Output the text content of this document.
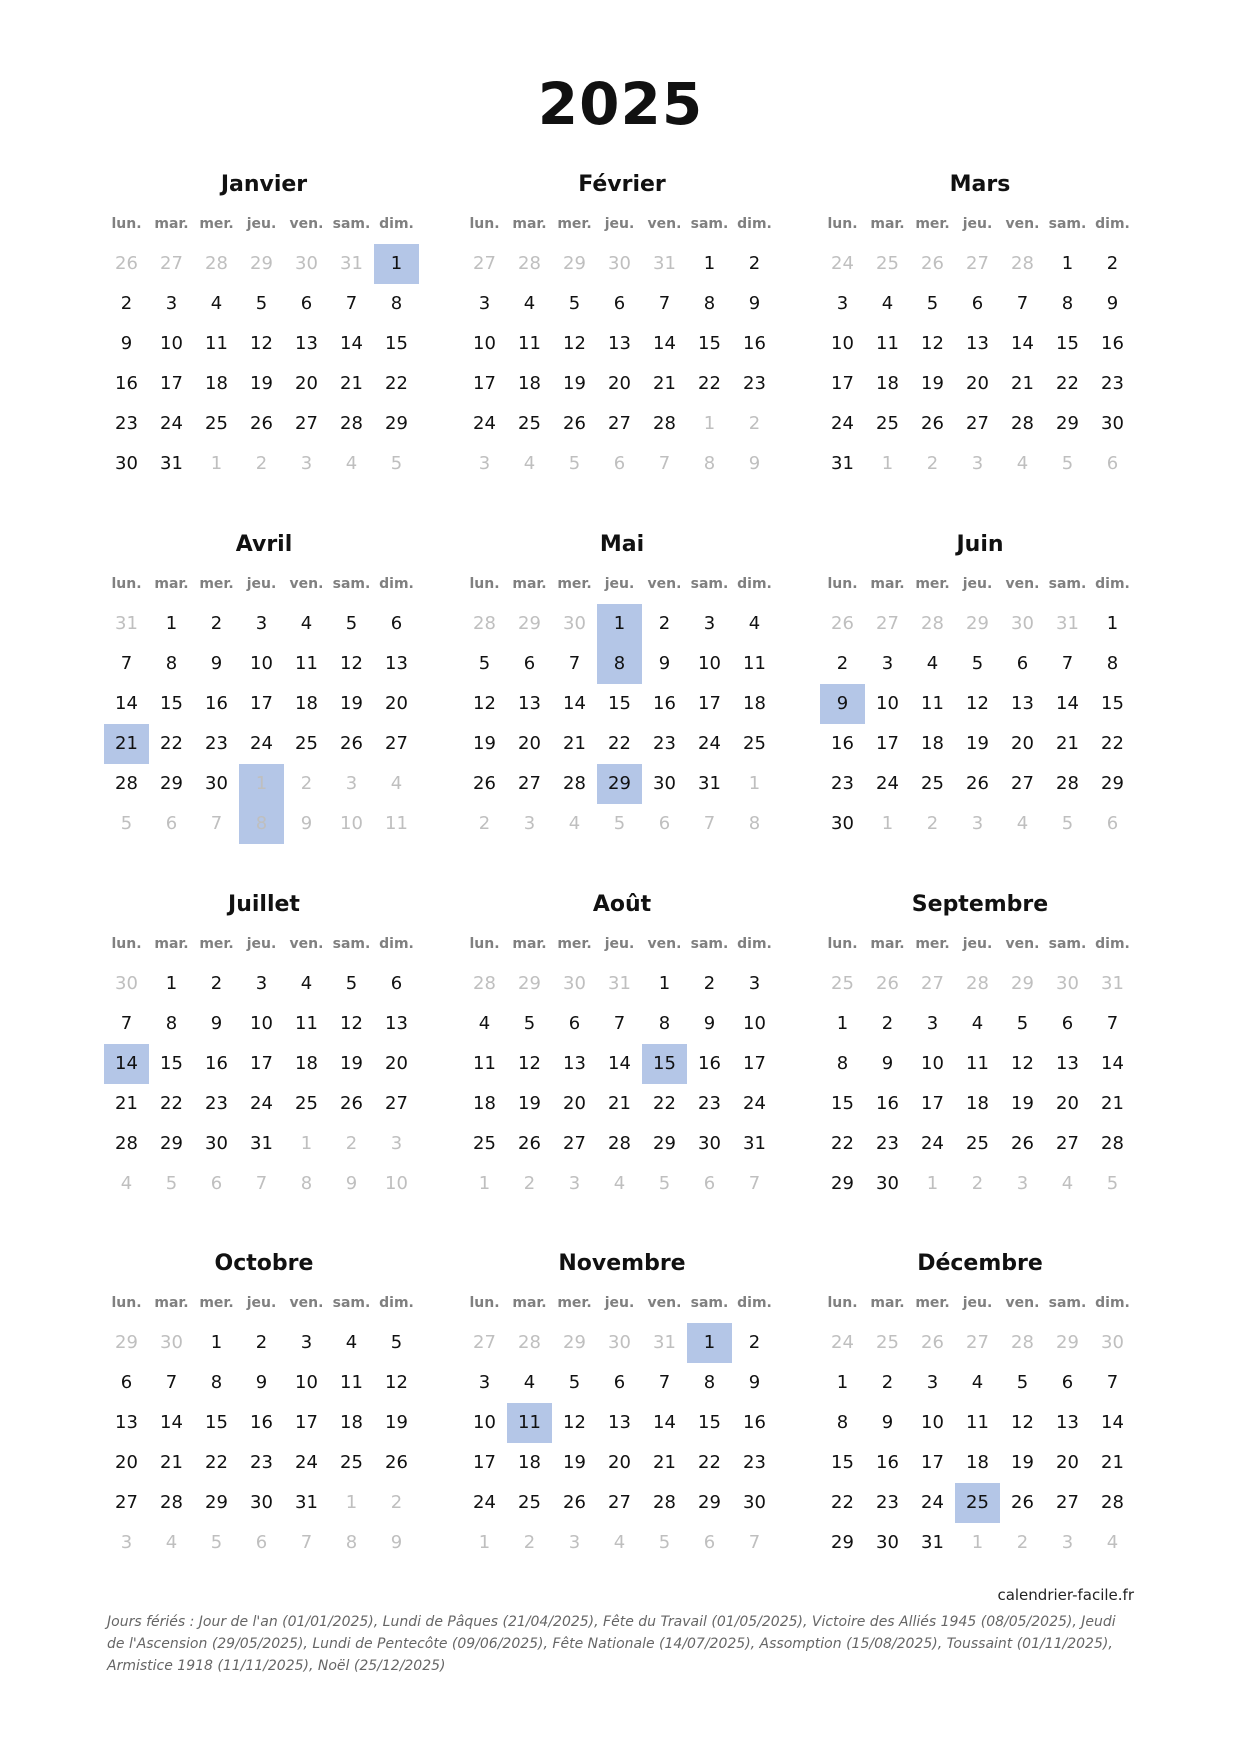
2025
Janvier
lun. mar. mer. jeu. ven. sam. dim.
26	27	28	29	30	31	1
2	3	4	5	6	7	8
9	10	11	12	13	14	15
16	17	18	19	20	21	22
23	24	25	26	27	28	29
30	31	1	2	3	4	5
Février
lun. mar. mer. jeu. ven. sam. dim.
27	28	29	30	31	1	2
3	4	5	6	7	8	9
10	11	12	13	14	15	16
17	18	19	20	21	22	23
24	25	26	27	28	1	2
3	4	5	6	7	8	9
Mars
lun. mar. mer. jeu. ven. sam. dim.
24	25	26	27	28	1	2
3	4	5	6	7	8	9
10	11	12	13	14	15	16
17	18	19	20	21	22	23
24	25	26	27	28	29	30
31	1	2	3	4	5	6
Avril
lun. mar. mer. jeu. ven. sam. dim.
31	1	2	3	4	5	6
7	8	9	10	11	12	13
14	15	16	17	18	19	20
21	22	23	24	25	26	27
28	29	30	1	2	3	4
5	6	7	8	9	10	11
Mai
lun. mar. mer. jeu. ven. sam. dim.
28	29	30	1	2	3	4
5	6	7	8	9	10	11
12	13	14	15	16	17	18
19	20	21	22	23	24	25
26	27	28	29	30	31	1
2	3	4	5	6	7	8
Juin
lun. mar. mer. jeu. ven. sam. dim.
26	27	28	29	30	31	1
2	3	4	5	6	7	8
9	10	11	12	13	14	15
16	17	18	19	20	21	22
23	24	25	26	27	28	29
30	1	2	3	4	5	6
Juillet
lun. mar. mer. jeu. ven. sam. dim.
30	1	2	3	4	5	6
7	8	9	10	11	12	13
14	15	16	17	18	19	20
21	22	23	24	25	26	27
28	29	30	31	1	2	3
4	5	6	7	8	9	10
Août
lun. mar. mer. jeu. ven. sam. dim.
28	29	30	31	1	2	3
4	5	6	7	8	9	10
11	12	13	14	15	16	17
18	19	20	21	22	23	24
25	26	27	28	29	30	31
1	2	3	4	5	6	7
Septembre
lun. mar. mer. jeu. ven. sam. dim.
25	26	27	28	29	30	31
1	2	3	4	5	6	7
8	9	10	11	12	13	14
15	16	17	18	19	20	21
22	23	24	25	26	27	28
29	30	1	2	3	4	5
Octobre
lun. mar. mer. jeu. ven. sam. dim.
29	30	1	2	3	4	5
6	7	8	9	10	11	12
13	14	15	16	17	18	19
20	21	22	23	24	25	26
27	28	29	30	31	1	2
3	4	5	6	7	8	9
Novembre
lun. mar. mer. jeu. ven. sam. dim.
27	28	29	30	31	1	2
3	4	5	6	7	8	9
10	11	12	13	14	15	16
17	18	19	20	21	22	23
24	25	26	27	28	29	30
1	2	3	4	5	6	7
Décembre
lun. mar. mer. jeu. ven. sam. dim.
24	25	26	27	28	29	30
1	2	3	4	5	6	7
8	9	10	11	12	13	14
15	16	17	18	19	20	21
22	23	24	25	26	27	28
29	30	31	1	2	3	4
calendrier-facile.fr
Jours fériés : Jour de l'an (01/01/2025), Lundi de Pâques (21/04/2025), Fête du Travail (01/05/2025), Victoire des Alliés 1945 (08/05/2025), Jeudi de l'Ascension (29/05/2025), Lundi de Pentecôte (09/06/2025), Fête Nationale (14/07/2025), Assomption (15/08/2025), Toussaint (01/11/2025), Armistice 1918 (11/11/2025), Noël (25/12/2025)
